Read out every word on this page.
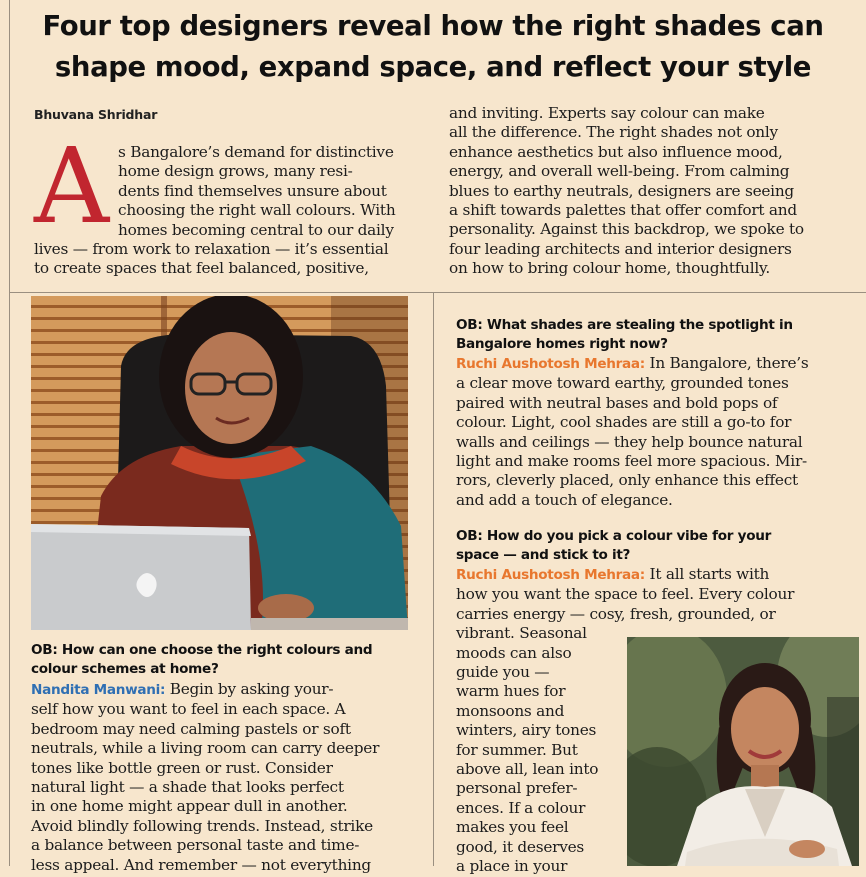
Four top designers reveal how the right shades can
shape mood, expand space, and reflect your style
Bhuvana Shridhar
A s Bangalore’s demand for distinctive
home design grows, many resi-
dents find themselves unsure about
choosing the right wall colours. With
homes becoming central to our daily
lives — from work to relaxation — it’s essential
to create spaces that feel balanced, positive,
and inviting. Experts say colour can make
all the difference. The right shades not only
enhance aesthetics but also influence mood,
energy, and overall well-being. From calming
blues to earthy neutrals, designers are seeing
a shift towards palettes that offer comfort and
personality. Against this backdrop, we spoke to
four leading architects and interior designers
on how to bring colour home, thoughtfully.
OB: How can one choose the right colours and
colour schemes at home?
Nandita Manwani: Begin by asking your-
self how you want to feel in each space. A
bedroom may need calming pastels or soft
neutrals, while a living room can carry deeper
tones like bottle green or rust. Consider
natural light — a shade that looks perfect
in one home might appear dull in another.
Avoid blindly following trends. Instead, strike
a balance between personal taste and time-
less appeal. And remember — not everything
OB: What shades are stealing the spotlight in
Bangalore homes right now?
Ruchi Aushotosh Mehraa: In Bangalore, there’s
a clear move toward earthy, grounded tones
paired with neutral bases and bold pops of
colour. Light, cool shades are still a go-to for
walls and ceilings — they help bounce natural
light and make rooms feel more spacious. Mir-
rors, cleverly placed, only enhance this effect
and add a touch of elegance.
OB: How do you pick a colour vibe for your
space — and stick to it?
Ruchi Aushotosh Mehraa: It all starts with
how you want the space to feel. Every colour
carries energy — cosy, fresh, grounded, or
vibrant. Seasonal
moods can also
guide you —
warm hues for
monsoons and
winters, airy tones
for summer. But
above all, lean into
personal prefer-
ences. If a colour
makes you feel
good, it deserves
a place in your
